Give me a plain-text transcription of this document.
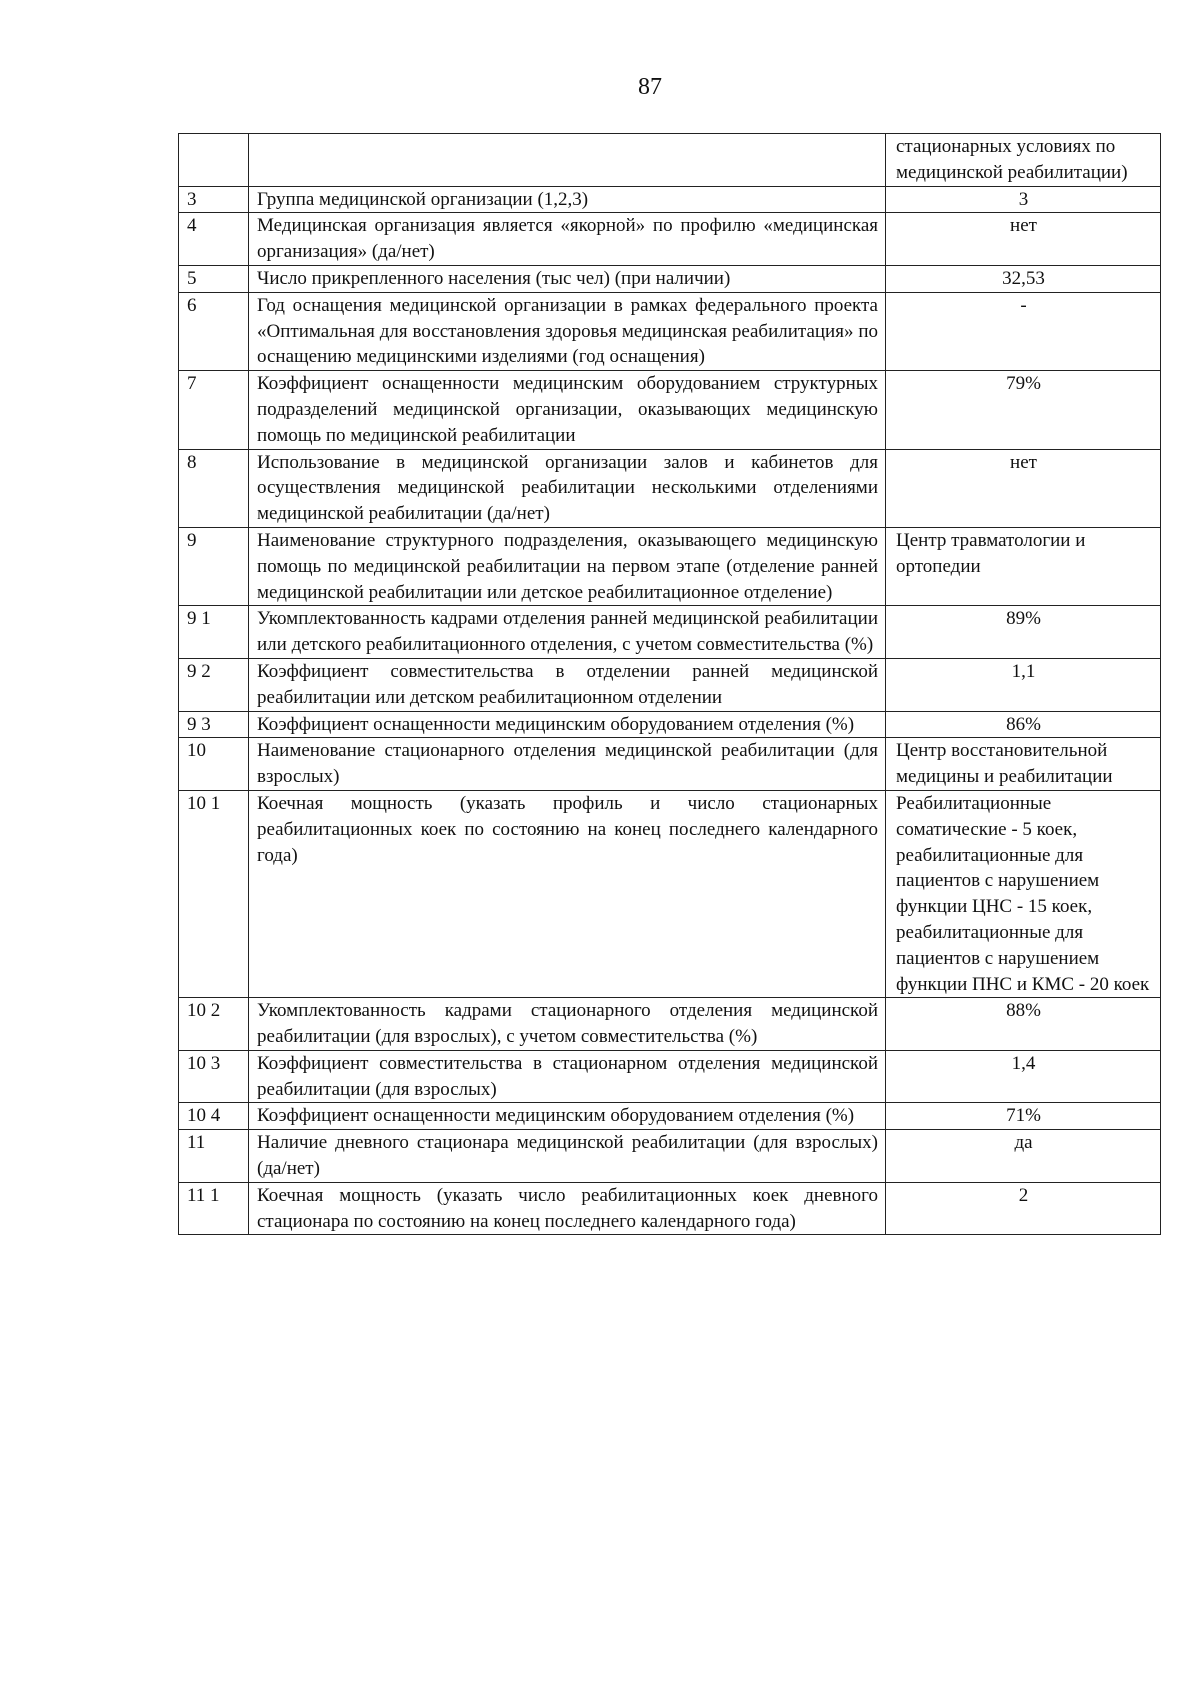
87
		стационарных условиях по медицинской реабилитации)
3	Группа медицинской организации (1,2,3)	3
4	Медицинская организация является «якорной» по профилю «медицинская организация» (да/нет)	нет
5	Число прикрепленного населения (тыс чел) (при наличии)	32,53
6	Год оснащения медицинской организации в рамках федерального проекта «Оптимальная для восстановления здоровья медицинская реабилитация» по оснащению медицинскими изделиями (год оснащения)	-
7	Коэффициент оснащенности медицинским оборудованием структурных подразделений медицинской организации, оказывающих медицинскую помощь по медицинской реабилитации	79%
8	Использование в медицинской организации залов и кабинетов для осуществления медицинской реабилитации несколькими отделениями медицинской реабилитации (да/нет)	нет
9	Наименование структурного подразделения, оказывающего медицинскую помощь по медицинской реабилитации на первом этапе (отделение ранней медицинской реабилитации или детское реабилитационное отделение)	Центр травматологии и ортопедии
9 1	Укомплектованность кадрами отделения ранней медицинской реабилитации или детского реабилитационного отделения, с учетом совместительства (%)	89%
9 2	Коэффициент совместительства в отделении ранней медицинской реабилитации или детском реабилитационном отделении	1,1
9 3	Коэффициент оснащенности медицинским оборудованием отделения (%)	86%
10	Наименование стационарного отделения медицинской реабилитации (для взрослых)	Центр восстановительной медицины и реабилитации
10 1	Коечная мощность (указать профиль и число стационарных реабилитационных коек по состоянию на конец последнего календарного года)	Реабилитационные соматические - 5 коек, реабилитационные для пациентов с нарушением функции ЦНС - 15 коек, реабилитационные для пациентов с нарушением функции ПНС и КМС - 20 коек
10 2	Укомплектованность кадрами стационарного отделения медицинской реабилитации (для взрослых), с учетом совместительства (%)	88%
10 3	Коэффициент совместительства в стационарном отделения медицинской реабилитации (для взрослых)	1,4
10 4	Коэффициент оснащенности медицинским оборудованием отделения (%)	71%
11	Наличие дневного стационара медицинской реабилитации (для взрослых) (да/нет)	да
11 1	Коечная мощность (указать число реабилитационных коек дневного стационара по состоянию на конец последнего календарного года)	2
